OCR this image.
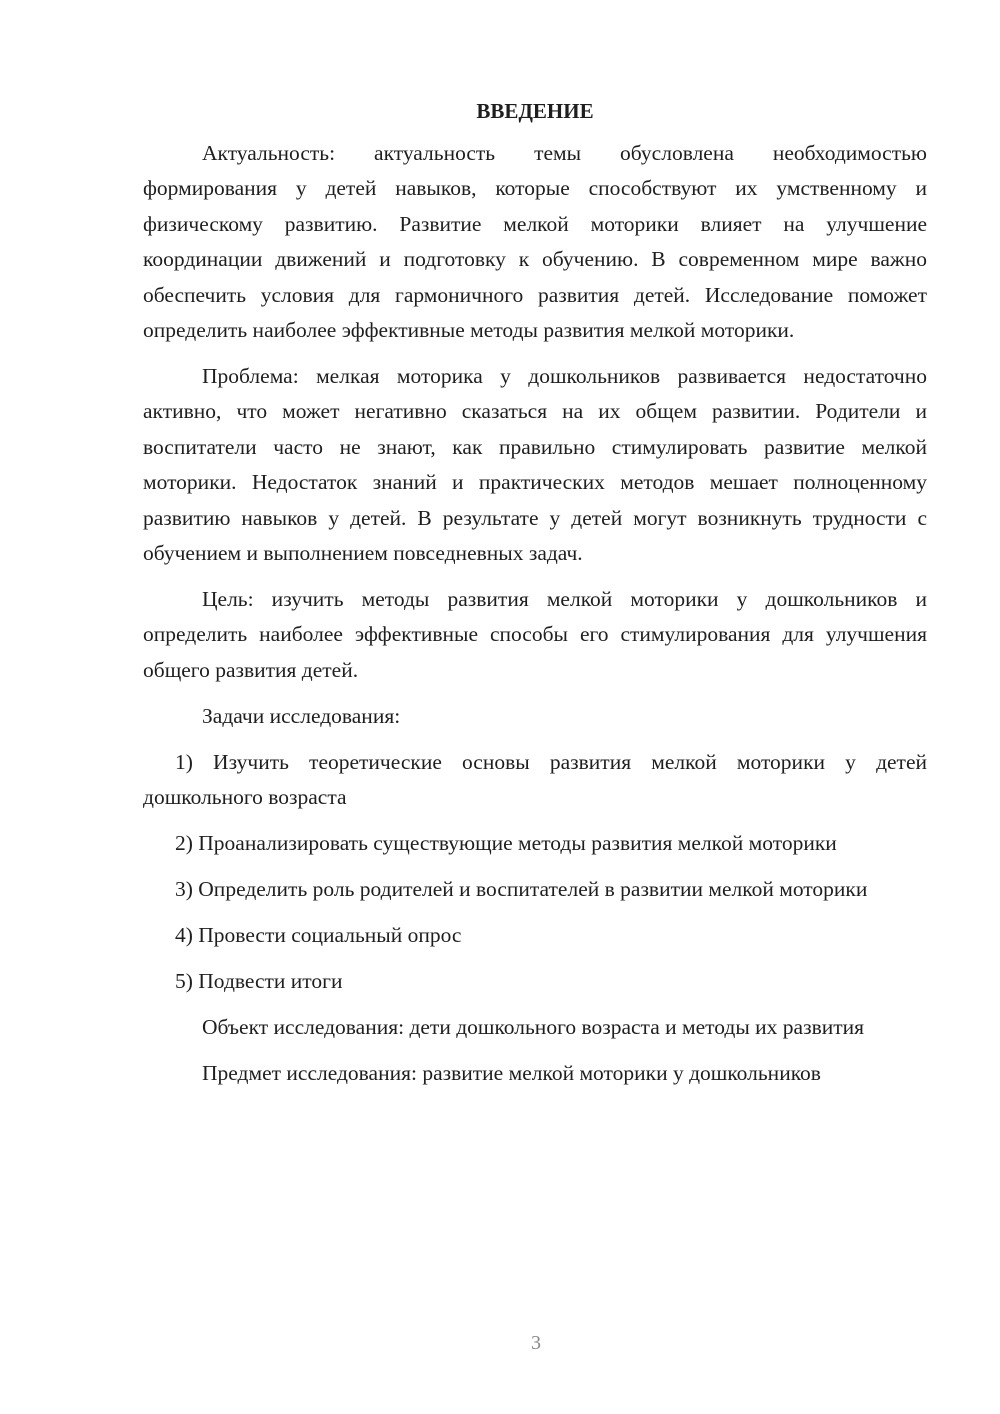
ВВЕДЕНИЕ

Актуальность: актуальность темы обусловлена необходимостью формирования у детей навыков, которые способствуют их умственному и физическому развитию. Развитие мелкой моторики влияет на улучшение координации движений и подготовку к обучению. В современном мире важно обеспечить условия для гармоничного развития детей. Исследование поможет определить наиболее эффективные методы развития мелкой моторики.

Проблема: мелкая моторика у дошкольников развивается недостаточно активно, что может негативно сказаться на их общем развитии. Родители и воспитатели часто не знают, как правильно стимулировать развитие мелкой моторики. Недостаток знаний и практических методов мешает полноценному развитию навыков у детей. В результате у детей могут возникнуть трудности с обучением и выполнением повседневных задач.

Цель: изучить методы развития мелкой моторики у дошкольников и определить наиболее эффективные способы его стимулирования для улучшения общего развития детей.

Задачи исследования:

1) Изучить теоретические основы развития мелкой моторики у детей дошкольного возраста

2) Проанализировать существующие методы развития мелкой моторики

3) Определить роль родителей и воспитателей в развитии мелкой моторики

4) Провести социальный опрос

5) Подвести итоги

Объект исследования: дети дошкольного возраста и методы их развития

Предмет исследования: развитие мелкой моторики у дошкольников

3
